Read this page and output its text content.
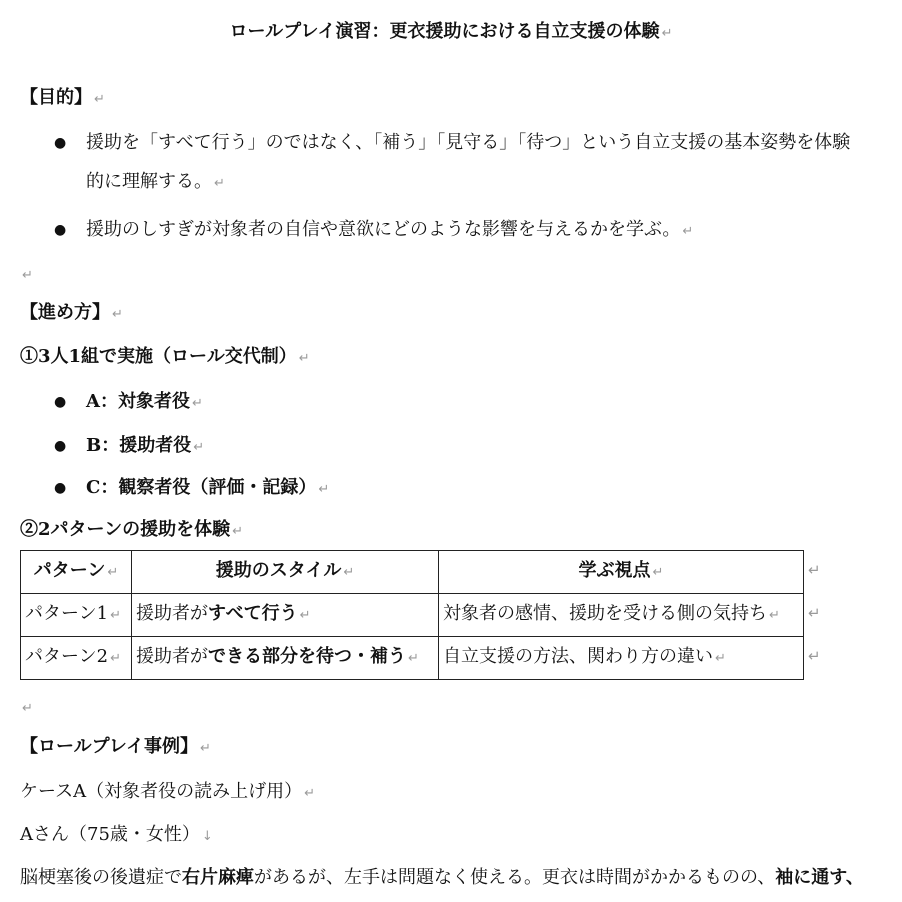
ロールプレイ演習：更衣援助における自立支援の体験 ↵
【目的】 ↵
● 援助を「すべて行う」のではなく、「補う」「見守る」「待つ」という自立支援の基本姿勢を体験
的に理解する。 ↵
● 援助のしすぎが対象者の自信や意欲にどのような影響を与えるかを学ぶ。 ↵
↵
【進め方】 ↵
①3人1組で実施（ロール交代制） ↵
● A：対象者役 ↵
● B：援助者役 ↵
● C：観察者役（評価・記録） ↵
②2パターンの援助を体験 ↵
パターン ↵	援助のスタイル ↵	学ぶ視点 ↵
パターン1 ↵	援助者がすべて行う ↵	対象者の感情、援助を受ける側の気持ち ↵
パターン2 ↵	援助者ができる部分を待つ・補う ↵	自立支援の方法、関わり方の違い ↵
↵
↵
↵
↵
【ロールプレイ事例】 ↵
ケースA（対象者役の読み上げ用） ↵
Aさん（75歳・女性） ↓
脳梗塞後の後遺症で右片麻痺があるが、左手は問題なく使える。更衣は時間がかかるものの、袖に通す、
